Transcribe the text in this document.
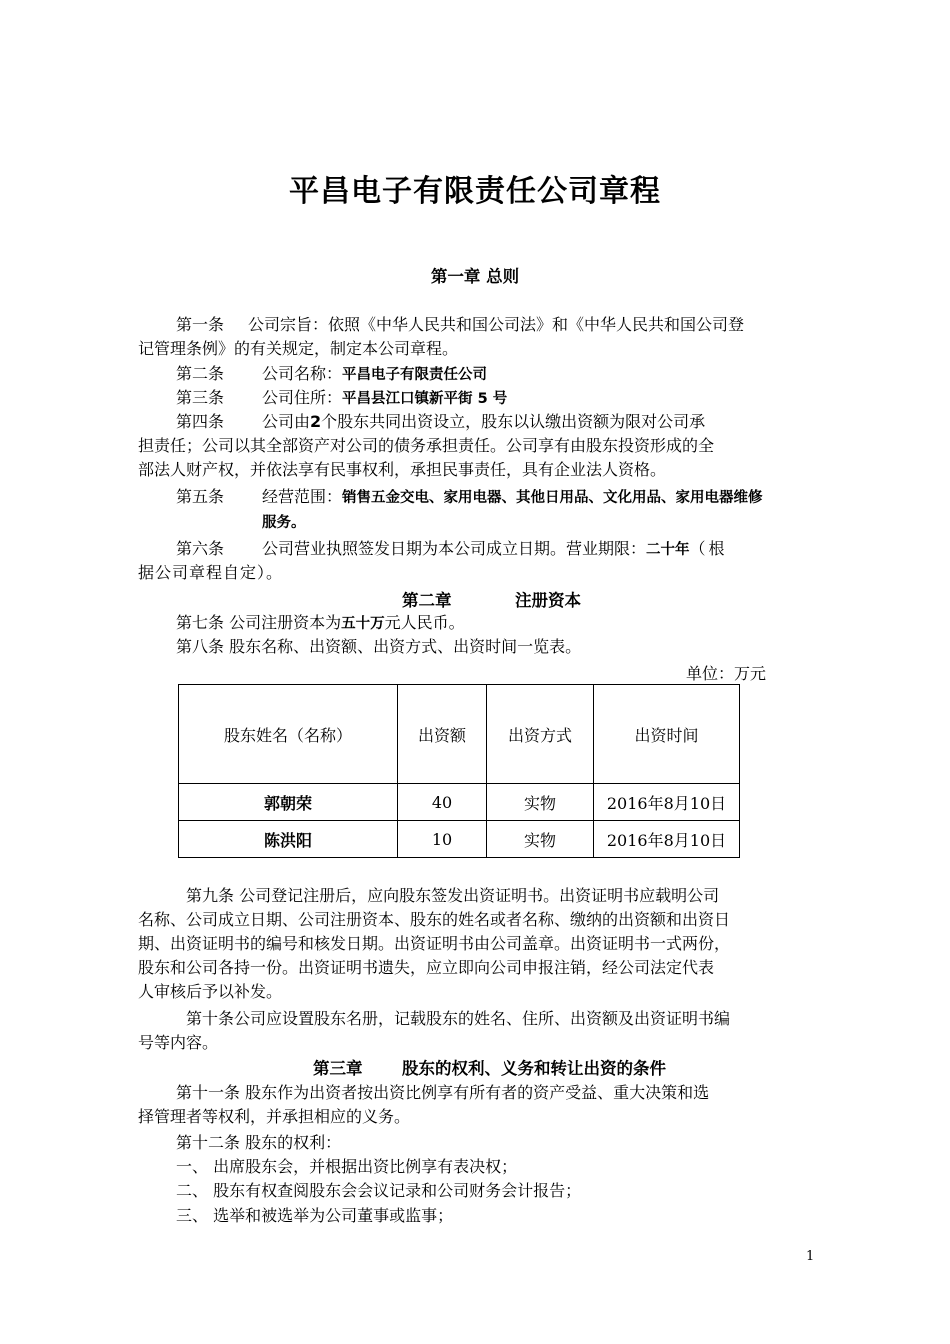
平昌电子有限责任公司章程
第一章 总则
第一条 公司宗旨：依照《中华人民共和国公司法》和《中华人民共和国公司登
记管理条例》的有关规定，制定本公司章程。
第二条 公司名称：平昌电子有限责任公司
第三条 公司住所：平昌县江口镇新平街 5 号
第四条 公司由2个股东共同出资设立，股东以认缴出资额为限对公司承
担责任；公司以其全部资产对公司的债务承担责任。公司享有由股东投资形成的全
部法人财产权，并依法享有民事权利，承担民事责任，具有企业法人资格。
第五条 经营范围：销售五金交电、家用电器、其他日用品、文化用品、家用电器维修
服务。
第六条 公司营业执照签发日期为本公司成立日期。营业期限：二十年（根
据公司章程自定）。
第二章	注册资本
第七条 公司注册资本为五十万元人民币。
第八条 股东名称、出资额、出资方式、出资时间一览表。
单位：万元
股东姓名（名称）	出资额	出资方式	出资时间
郭朝荣	40	实物	2016年8月10日
陈洪阳	10	实物	2016年8月10日
第九条 公司登记注册后，应向股东签发出资证明书。出资证明书应载明公司
名称、公司成立日期、公司注册资本、股东的姓名或者名称、缴纳的出资额和出资日
期、出资证明书的编号和核发日期。出资证明书由公司盖章。出资证明书一式两份，
股东和公司各持一份。出资证明书遗失，应立即向公司申报注销，经公司法定代表
人审核后予以补发。
第十条公司应设置股东名册，记载股东的姓名、住所、出资额及出资证明书编
号等内容。
第三章 股东的权利、义务和转让出资的条件
第十一条 股东作为出资者按出资比例享有所有者的资产受益、重大决策和选
择管理者等权利，并承担相应的义务。
第十二条 股东的权利：
一、 出席股东会，并根据出资比例享有表决权；
二、 股东有权查阅股东会会议记录和公司财务会计报告；
三、 选举和被选举为公司董事或监事；
1
